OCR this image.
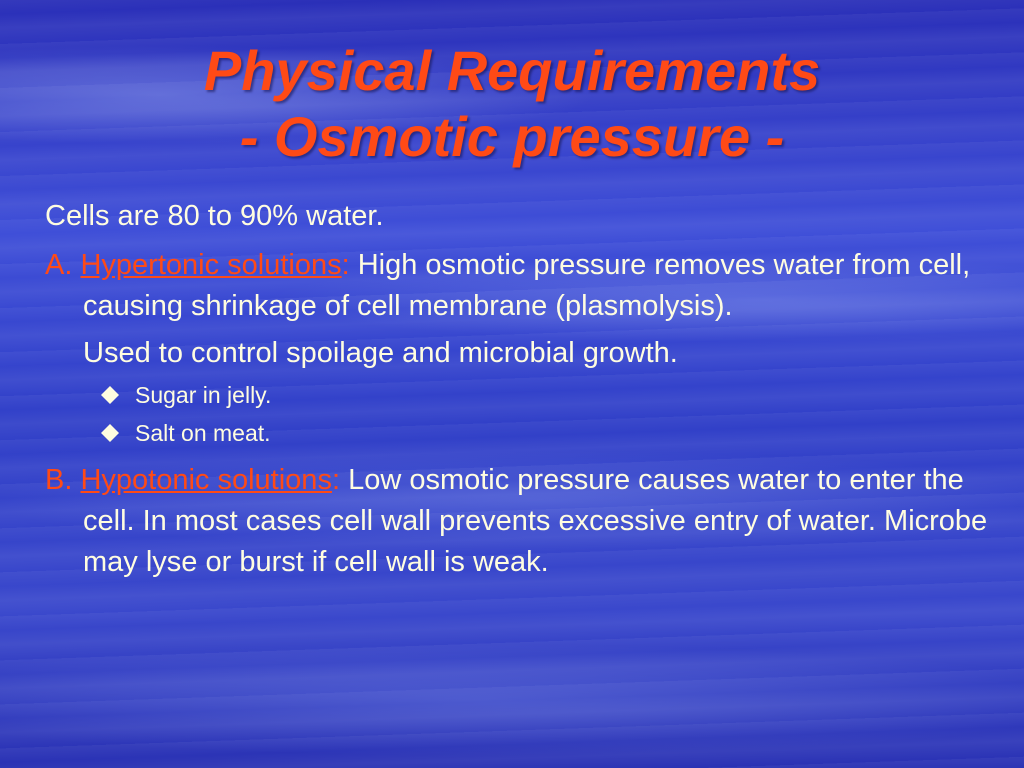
Physical Requirements
- Osmotic pressure -
Cells are 80 to 90% water.
A. Hypertonic solutions: High osmotic pressure removes water from cell, causing shrinkage of cell membrane (plasmolysis).
Used to control spoilage and microbial growth.
Sugar in jelly.
Salt on meat.
B. Hypotonic solutions: Low osmotic pressure causes water to enter the cell. In most cases cell wall prevents excessive entry of water. Microbe may lyse or burst if cell wall is weak.
